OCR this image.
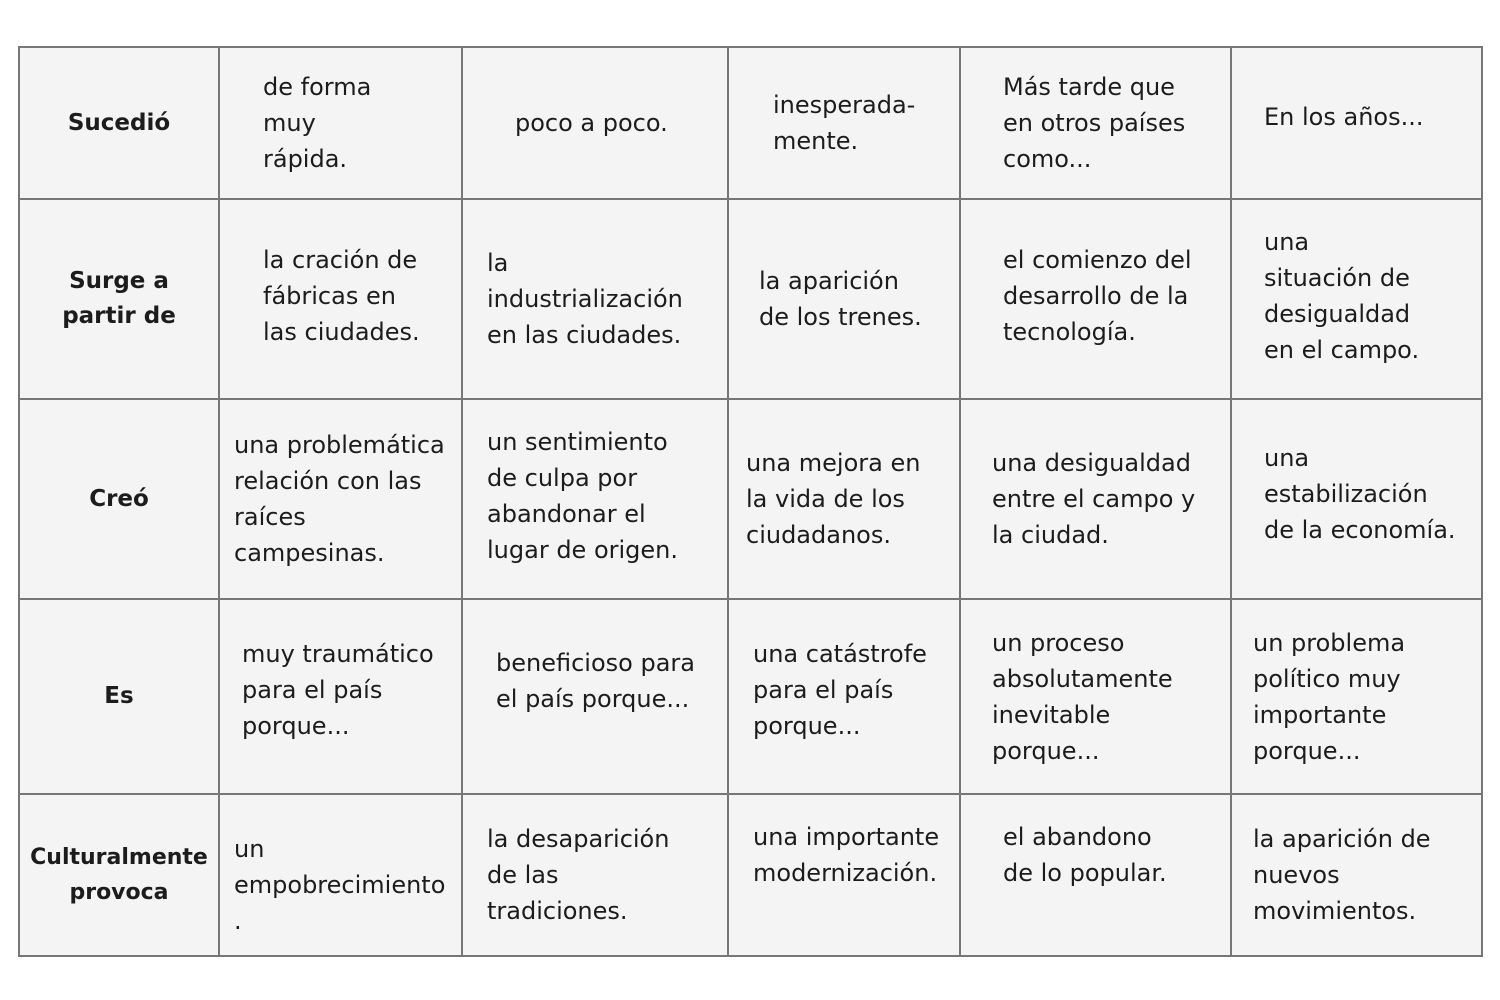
Sucedió	de forma
muy
rápida.	poco a poco.	inesperada-
mente.	Más tarde que
en otros países
como...	En los años...

Surge a
partir de	la cración de
fábricas en
las ciudades.	la
industrialización
en las ciudades.	la aparición
de los trenes.	el comienzo del
desarrollo de la
tecnología.	una
situación de
desigualdad
en el campo.

Creó	una problemática
relación con las
raíces
campesinas.	un sentimiento
de culpa por
abandonar el
lugar de origen.	una mejora en
la vida de los
ciudadanos.	una desigualdad
entre el campo y
la ciudad.	una
estabilización
de la economía.

Es	muy traumático
para el país
porque...	beneficioso para
el país porque...	una catástrofe
para el país
porque...	un proceso
absolutamente
inevitable
porque...	un problema
político muy
importante
porque...

Culturalmente
provoca	un
empobrecimiento
.	la desaparición
de las
tradiciones.	una importante
modernización.	el abandono
de lo popular.	la aparición de
nuevos
movimientos.
